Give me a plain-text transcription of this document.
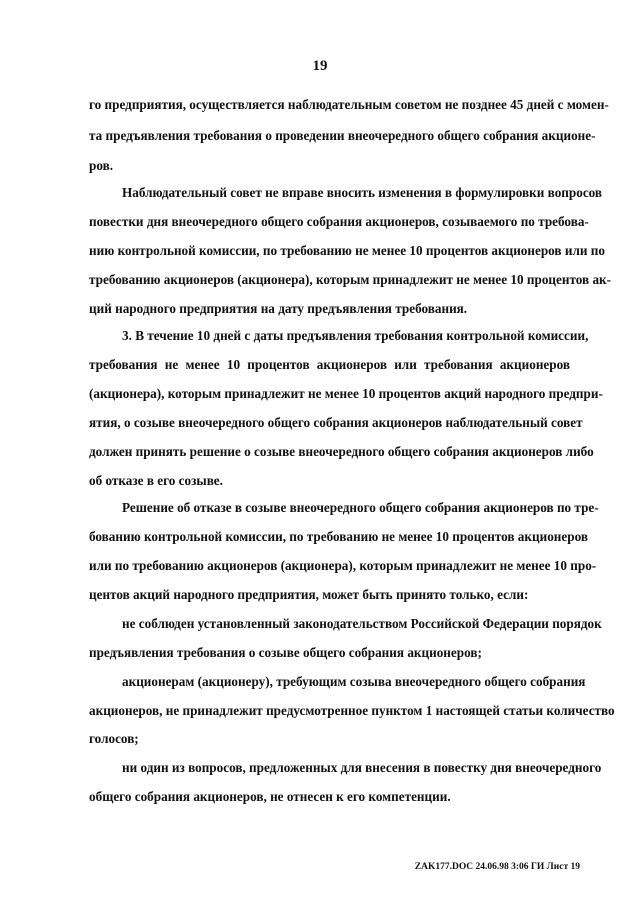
19
го предприятия, осуществляется наблюдательным советом не позднее 45 дней с момен-
та предъявления требования о проведении внеочередного общего собрания акционе-
ров.
Наблюдательный совет не вправе вносить изменения в формулировки вопросов
повестки дня внеочередного общего собрания акционеров, созываемого по требова-
нию контрольной комиссии, по требованию не менее 10 процентов акционеров или по
требованию акционеров (акционера), которым принадлежит не менее 10 процентов ак-
ций народного предприятия на дату предъявления требования.
3. В течение 10 дней с даты предъявления требования контрольной комиссии,
требования не менее 10 процентов акционеров или требования акционеров
(акционера), которым принадлежит не менее 10 процентов акций народного предпри-
ятия, о созыве внеочередного общего собрания акционеров наблюдательный совет
должен принять решение о созыве внеочередного общего собрания акционеров либо
об отказе в его созыве.
Решение об отказе в созыве внеочередного общего собрания акционеров по тре-
бованию контрольной комиссии, по требованию не менее 10 процентов акционеров
или по требованию акционеров (акционера), которым принадлежит не менее 10 про-
центов акций народного предприятия, может быть принято только, если:
не соблюден установленный законодательством Российской Федерации порядок
предъявления требования о созыве общего собрания акционеров;
акционерам (акционеру), требующим созыва внеочередного общего собрания
акционеров, не принадлежит предусмотренное пунктом 1 настоящей статьи количество
голосов;
ни один из вопросов, предложенных для внесения в повестку дня внеочередного
общего собрания акционеров, не отнесен к его компетенции.
ZAK177.DOC 24.06.98 3:06 ГИ Лист 19
